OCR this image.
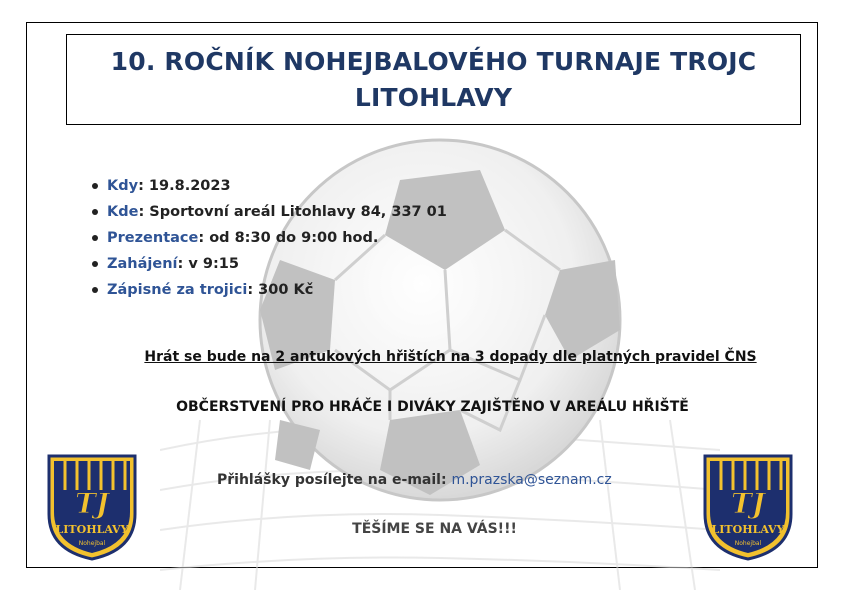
10. ROČNÍK NOHEJBALOVÉHO TURNAJE TROJC
LITOHLAVY
Kdy : 19.8.2023
Kde : Sportovní areál Litohlavy 84, 337 01
Prezentace : od 8:30 do 9:00 hod.
Zahájení : v 9:15
Zápisné za trojici : 300 Kč
Hrát se bude na 2 antukových hřištích na 3 dopady dle platných pravidel ČNS
OBČERSTVENÍ PRO HRÁČE I DIVÁKY ZAJIŠTĚNO V AREÁLU HŘIŠTĚ
Přihlášky posílejte na e-mail: m.prazska@seznam.cz
TĚŠÍME SE NA VÁS!!!
TJ
LITOHLAVY
Nohejbal
TJ
LITOHLAVY
Nohejbal
